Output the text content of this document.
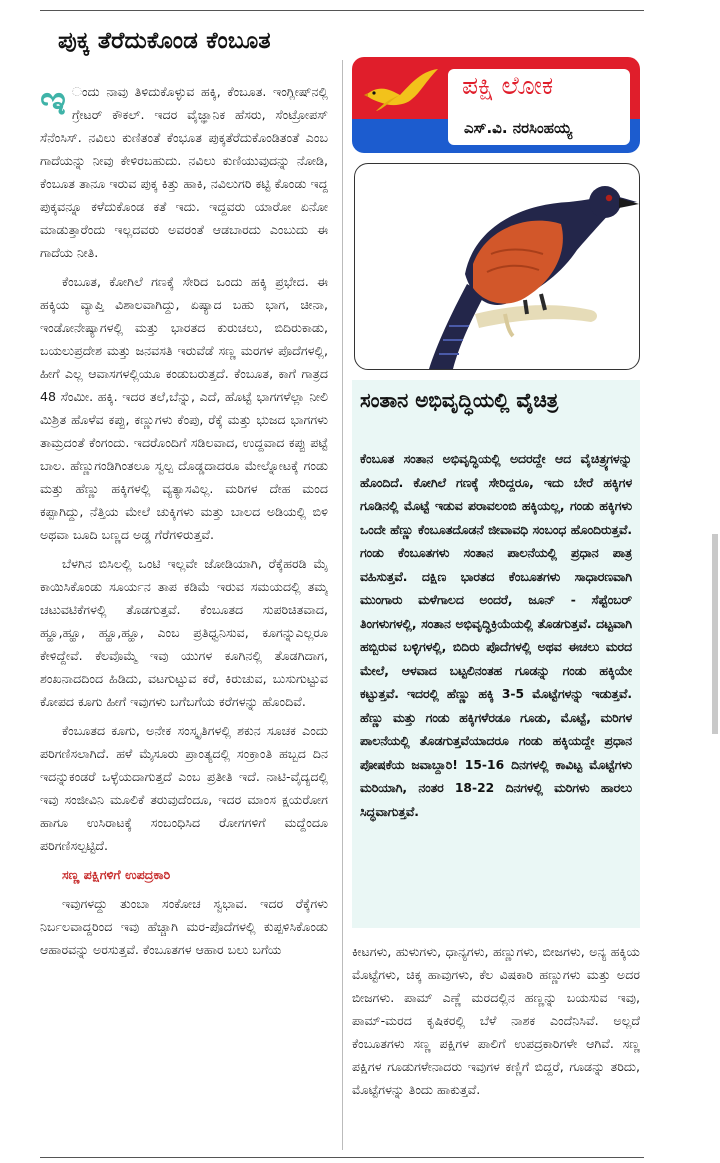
ಪುಕ್ಕ ತೆರೆದುಕೊಂಡ ಕೆಂಬೂತ

ಇ ಂದು ನಾವು ತಿಳಿದುಕೊಳ್ಳುವ ಹಕ್ಕಿ, ಕೆಂಬೂತ. ಇಂಗ್ಲೀಷ್‌ನಲ್ಲಿ ಗ್ರೇಟರ್ ಕೌಕಲ್. ಇದರ ವೈಜ್ಞಾನಿಕ ಹೆಸರು, ಸೆಂಟ್ರೋಪಸ್ ಸೆನೆಂಸಿಸ್. ನವಿಲು ಕುಣಿತಂತೆ ಕೆಂಭೂತ ಪುಕ್ಕತೆರೆದುಕೊಂಡಿತಂತೆ ಎಂಬ ಗಾದೆಯನ್ನು ನೀವು ಕೇಳಿರಬಹುದು. ನವಿಲು ಕುಣಿಯುವುದನ್ನು ನೋಡಿ, ಕೆಂಬೂತ ತಾನೂ ಇರುವ ಪುಕ್ಕ ಕಿತ್ತು ಹಾಕಿ, ನವಿಲುಗರಿ ಕಟ್ಟಿ ಕೊಂಡು ಇದ್ದ ಪುಕ್ಕವನ್ನೂ ಕಳೆದುಕೊಂಡ ಕತೆ ಇದು. ಇದ್ದವರು ಯಾರೋ ಏನೋ ಮಾಡುತ್ತಾರೆಂದು ಇಲ್ಲದವರು ಅವರಂತೆ ಆಡಬಾರದು ಎಂಬುದು ಈ ಗಾದೆಯ ನೀತಿ.

ಕೆಂಬೂತ, ಕೋಗಿಲೆ ಗಣಕ್ಕೆ ಸೇರಿದ ಒಂದು ಹಕ್ಕಿ ಪ್ರಭೇದ. ಈ ಹಕ್ಕಿಯ ವ್ಯಾಪ್ತಿ ವಿಶಾಲವಾಗಿದ್ದು, ಏಷ್ಯಾದ ಬಹು ಭಾಗ, ಚೀನಾ, ಇಂಡೋನೇಷ್ಯಾಗಳಲ್ಲಿ ಮತ್ತು ಭಾರತದ ಕುರುಚಲು, ಬಿದಿರುಕಾಡು, ಬಯಲುಪ್ರದೇಶ ಮತ್ತು ಜನವಸತಿ ಇರುವೆಡೆ ಸಣ್ಣ ಮರಗಳ ಪೊದೆಗಳಲ್ಲಿ, ಹೀಗೆ ಎಲ್ಲ ಆವಾಸಗಳಲ್ಲಿಯೂ ಕಂಡುಬರುತ್ತದೆ. ಕೆಂಬೂತ, ಕಾಗೆ ಗಾತ್ರದ 48 ಸೆಂಮೀ. ಹಕ್ಕಿ. ಇದರ ತಲೆ,ಬೆನ್ನು, ಎದೆ, ಹೊಟ್ಟೆ ಭಾಗಗಳೆಲ್ಲಾ ನೀಲಿ ಮಿಶ್ರಿತ ಹೊಳೆವ ಕಪ್ಪು, ಕಣ್ಣುಗಳು ಕೆಂಪು, ರೆಕ್ಕೆ ಮತ್ತು ಭುಜದ ಭಾಗಗಳು ತಾಮ್ರದಂತೆ ಕೆಂಗಂದು. ಇದರೊಂದಿಗೆ ಸಡಿಲವಾದ, ಉದ್ದವಾದ ಕಪ್ಪು ಪಟ್ಟೆ ಬಾಲ. ಹೆಣ್ಣುಗಂಡಿಗಿಂತಲೂ ಸ್ವಲ್ಪ ದೊಡ್ಡದಾದರೂ ಮೇಲ್ನೋಟಕ್ಕೆ ಗಂಡು ಮತ್ತು ಹೆಣ್ಣು ಹಕ್ಕಿಗಳಲ್ಲಿ ವ್ಯತ್ಯಾಸವಿಲ್ಲ. ಮರಿಗಳ ದೇಹ ಮಂದ ಕಪ್ಪಾಗಿದ್ದು, ನೆತ್ತಿಯ ಮೇಲೆ ಚುಕ್ಕಿಗಳು ಮತ್ತು ಬಾಲದ ಅಡಿಯಲ್ಲಿ ಬಿಳಿ ಅಥವಾ ಬೂದಿ ಬಣ್ಣದ ಅಡ್ಡ ಗೆರೆಗಳಿರುತ್ತವೆ.

ಬೆಳಗಿನ ಬಿಸಿಲಲ್ಲಿ ಒಂಟಿ ಇಲ್ಲವೇ ಜೋಡಿಯಾಗಿ, ರೆಕ್ಕೆಹರಡಿ ಮೈ ಕಾಯಿಸಿಕೊಂಡು ಸೂರ್ಯನ ತಾಪ ಕಡಿಮೆ ಇರುವ ಸಮಯದಲ್ಲಿ ತಮ್ಮ ಚಟುವಟಿಕೆಗಳಲ್ಲಿ ತೊಡಗುತ್ತವೆ. ಕೆಂಬೂತದ ಸುಪರಿಚಿತವಾದ, ಹ್ಹೂ,ಹ್ಹೂ, ಹ್ಹೂ,ಹ್ಹೂ, ಎಂಬ ಪ್ರತಿಧ್ವನಿಸುವ, ಕೂಗನ್ನುಎಲ್ಲರೂ ಕೇಳಿದ್ದೇವೆ. ಕೆಲವೊಮ್ಮೆ ಇವು ಯುಗಳ ಕೂಗಿನಲ್ಲಿ ತೊಡಗಿದಾಗ, ಶಂಖನಾದದಿಂದ ಹಿಡಿದು, ವಟಗುಟ್ಟುವ ಕರೆ, ಕಿರುಚುವ, ಬುಸುಗುಟ್ಟುವ ಕೋಪದ ಕೂಗು ಹೀಗೆ ಇವುಗಳು ಬಗೆಬಗೆಯ ಕರೆಗಳನ್ನು ಹೊಂದಿವೆ.

ಕೆಂಬೂತದ ಕೂಗು, ಅನೇಕ ಸಂಸ್ಕೃತಿಗಳಲ್ಲಿ ಶಕುನ ಸೂಚಕ ಎಂದು ಪರಿಗಣಿಸಲಾಗಿದೆ. ಹಳೆ ಮೈಸೂರು ಪ್ರಾಂತ್ಯದಲ್ಲಿ ಸಂಕ್ರಾಂತಿ ಹಬ್ಬದ ದಿನ ಇದನ್ನುಕಂಡರೆ ಒಳ್ಳೆಯದಾಗುತ್ತದೆ ಎಂಬ ಪ್ರತೀತಿ ಇದೆ. ನಾಟಿ-ವೈದ್ಯದಲ್ಲಿ ಇವು ಸಂಜೀವಿನಿ ಮೂಲಿಕೆ ತರುವುದೆಂದೂ, ಇದರ ಮಾಂಸ ಕ್ಷಯರೋಗ ಹಾಗೂ ಉಸಿರಾಟಕ್ಕೆ ಸಂಬಂಧಿಸಿದ ರೋಗಗಳಿಗೆ ಮದ್ದೆಂದೂ ಪರಿಗಣಿಸಲ್ಪಟ್ಟಿದೆ.

ಸಣ್ಣ ಪಕ್ಷಿಗಳಿಗೆ ಉಪದ್ರಕಾರಿ

ಇವುಗಳದ್ದು ತುಂಬಾ ಸಂಕೋಚ ಸ್ವಭಾವ. ಇದರ ರೆಕ್ಕೆಗಳು ನಿರ್ಬಲವಾದ್ದರಿಂದ ಇವು ಹೆಚ್ಚಾಗಿ ಮರ-ಪೊದೆಗಳಲ್ಲಿ ಕುಪ್ಪಳಿಸಿಕೊಂಡು ಆಹಾರವನ್ನು ಅರಸುತ್ತವೆ. ಕೆಂಬೂತಗಳ ಆಹಾರ ಬಲು ಬಗೆಯ

ಪಕ್ಷಿ ಲೋಕ
ಎಸ್.ವಿ. ನರಸಿಂಹಯ್ಯ
ಸಂತಾನ ಅಭಿವೃದ್ಧಿಯಲ್ಲಿ ವೈಚಿತ್ರ
ಕೆಂಬೂತ ಸಂತಾನ ಅಭಿವೃದ್ಧಿಯಲ್ಲಿ ಅದರದ್ದೇ ಆದ ವೈಚಿತ್ರ್ಯಗಳನ್ನು ಹೊಂದಿದೆ. ಕೋಗಿಲೆ ಗಣಕ್ಕೆ ಸೇರಿದ್ದರೂ, ಇದು ಬೇರೆ ಹಕ್ಕಿಗಳ ಗೂಡಿನಲ್ಲಿ ಮೊಟ್ಟೆ ಇಡುವ ಪರಾವಲಂಬಿ ಹಕ್ಕಿಯಲ್ಲ, ಗಂಡು ಹಕ್ಕಿಗಳು ಒಂದೇ ಹೆಣ್ಣು ಕೆಂಬೂತದೊಡನೆ ಜೀವಾವಧಿ ಸಂಬಂಧ ಹೊಂದಿರುತ್ತವೆ. ಗಂಡು ಕೆಂಬೂತಗಳು ಸಂತಾನ ಪಾಲನೆಯಲ್ಲಿ ಪ್ರಧಾನ ಪಾತ್ರ ವಹಿಸುತ್ತವೆ. ದಕ್ಷಿಣ ಭಾರತದ ಕೆಂಬೂತಗಳು ಸಾಧಾರಣವಾಗಿ ಮುಂಗಾರು ಮಳೆಗಾಲದ ಅಂದರೆ, ಜೂನ್ - ಸೆಪ್ಟೆಂಬರ್ ತಿಂಗಳುಗಳಲ್ಲಿ, ಸಂತಾನ ಅಭಿವೃದ್ಧಿಕ್ರಿಯೆಯಲ್ಲಿ ತೊಡಗುತ್ತವೆ. ದಟ್ಟವಾಗಿ ಹಬ್ಬಿರುವ ಬಳ್ಳಿಗಳಲ್ಲಿ, ಬಿದಿರು ಪೊದೆಗಳಲ್ಲಿ ಅಥವ ಈಚಲು ಮರದ ಮೇಲೆ, ಆಳವಾದ ಬಟ್ಟಲಿನಂತಹ ಗೂಡನ್ನು ಗಂಡು ಹಕ್ಕಿಯೇ ಕಟ್ಟುತ್ತವೆ. ಇದರಲ್ಲಿ ಹೆಣ್ಣು ಹಕ್ಕಿ 3-5 ಮೊಟ್ಟೆಗಳನ್ನು ಇಡುತ್ತವೆ. ಹೆಣ್ಣು ಮತ್ತು ಗಂಡು ಹಕ್ಕಿಗಳೆರಡೂ ಗೂಡು, ಮೊಟ್ಟೆ, ಮರಿಗಳ ಪಾಲನೆಯಲ್ಲಿ ತೊಡಗುತ್ತವೆಯಾದರೂ ಗಂಡು ಹಕ್ಕಿಯದ್ದೇ ಪ್ರಧಾನ ಪೋಷಕೆಯ ಜವಾಬ್ದಾರಿ! 15-16 ದಿನಗಳಲ್ಲಿ ಕಾವಿಟ್ಟ ಮೊಟ್ಟೆಗಳು ಮರಿಯಾಗಿ, ನಂತರ 18-22 ದಿನಗಳಲ್ಲಿ ಮರಿಗಳು ಹಾರಲು ಸಿದ್ಧವಾಗುತ್ತವೆ.

ಕೀಟಗಳು, ಹುಳುಗಳು, ಧಾನ್ಯಗಳು, ಹಣ್ಣುಗಳು, ಬೀಜಗಳು, ಅನ್ಯ ಹಕ್ಕಿಯ ಮೊಟ್ಟೆಗಳು, ಚಿಕ್ಕ ಹಾವುಗಳು, ಕೆಲ ವಿಷಕಾರಿ ಹಣ್ಣುಗಳು ಮತ್ತು ಅದರ ಬೀಜಗಳು. ಪಾಮ್ ಎಣ್ಣೆ ಮರದಲ್ಲಿನ ಹಣ್ಣನ್ನು ಬಯಸುವ ಇವು, ಪಾಮ್-ಮರದ ಕೃಷಿಕರಲ್ಲಿ ಬೆಳೆ ನಾಶಕ ಎಂದೆನಿಸಿವೆ. ಅಲ್ಲದೆ ಕೆಂಬೂತಗಳು ಸಣ್ಣ ಪಕ್ಷಿಗಳ ಪಾಲಿಗೆ ಉಪದ್ರಕಾರಿಗಳೇ ಆಗಿವೆ. ಸಣ್ಣ ಪಕ್ಷಿಗಳ ಗೂಡುಗಳೇನಾದರು ಇವುಗಳ ಕಣ್ಣಿಗೆ ಬಿದ್ದರೆ, ಗೂಡನ್ನು ತರಿದು, ಮೊಟ್ಟೆಗಳನ್ನು ತಿಂದು ಹಾಕುತ್ತವೆ.
